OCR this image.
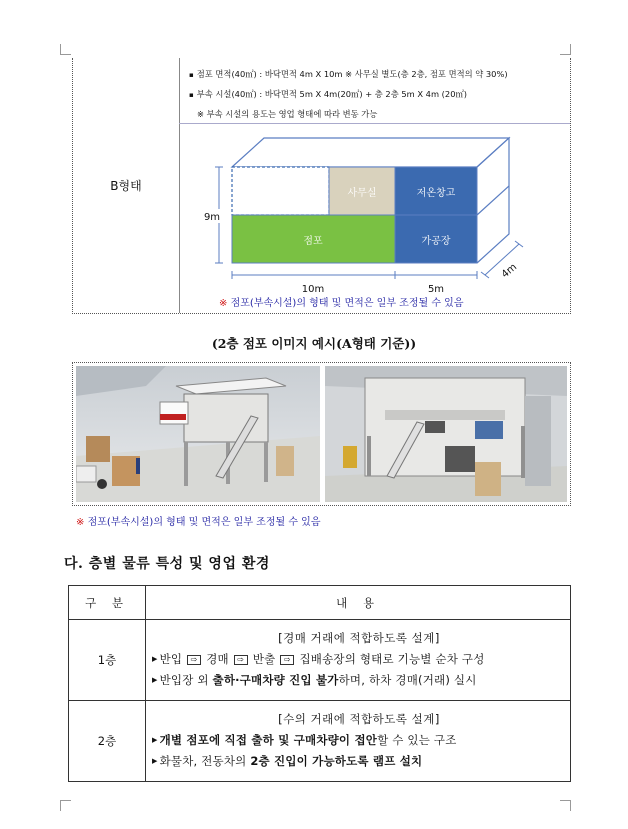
B형태
▪ 점포 면적(40㎡) : 바닥면적 4m X 10m ※ 사무실 별도(층 2층, 점포 면적의 약 30%)
▪ 부속 시설(40㎡) : 바닥면적 5m X 4m(20㎡) + 층 2층 5m X 4m (20㎡)
※ 부속 시설의 용도는 영업 형태에 따라 변동 가능
사무실	저온창고
점포	가공장
9m
10m	5m
4m
※ 점포(부속시설)의 형태 및 면적은 일부 조정될 수 있음
(2층 점포 이미지 예시(A형태 기준))
※ 점포(부속시설)의 형태 및 면적은 일부 조정될 수 있음
다. 층별 물류 특성 및 영업 환경
구 분	내 용
1층	[경매 거래에 적합하도록 설계]
▶ 반입 ⇨ 경매 ⇨ 반출 ⇨ 집배송장의 형태로 기능별 순차 구성
▶ 반입장 외 출하·구매차량 진입 불가하며, 하차 경매(거래) 실시

2층	[수의 거래에 적합하도록 설계]
▶ 개별 점포에 직접 출하 및 구매차량이 접안할 수 있는 구조
▶ 화물차, 전동차의 2층 진입이 가능하도록 램프 설치
